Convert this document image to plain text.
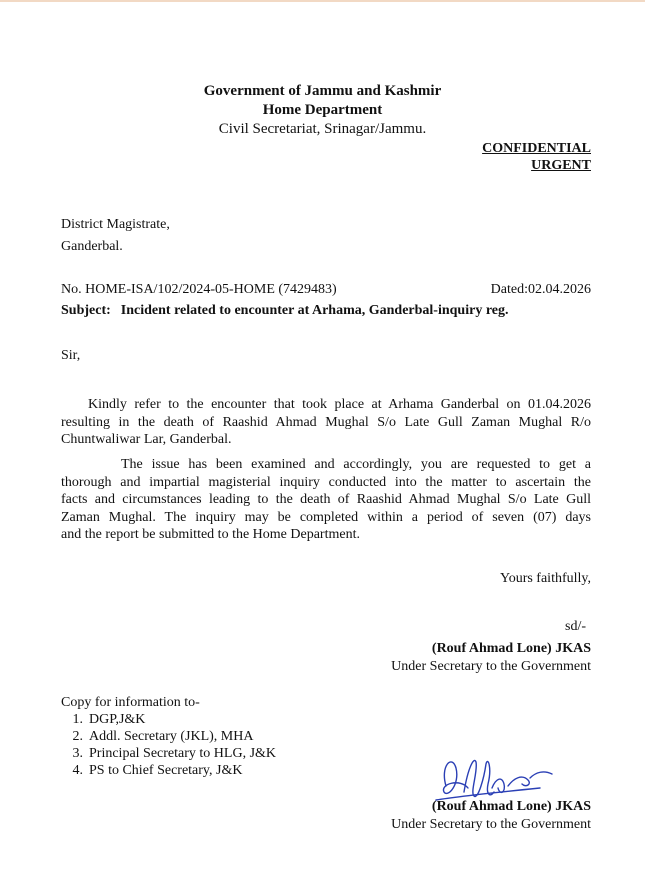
Government of Jammu and Kashmir
Home Department
Civil Secretariat, Srinagar/Jammu.
CONFIDENTIAL
URGENT
District Magistrate,
Ganderbal.
No. HOME-ISA/102/2024-05-HOME (7429483)	Dated:02.04.2026
Subject: Incident related to encounter at Arhama, Ganderbal-inquiry reg.
Sir,
Kindly refer to the encounter that took place at Arhama Ganderbal on 01.04.2026
resulting in the death of Raashid Ahmad Mughal S/o Late Gull Zaman Mughal R/o
Chuntwaliwar Lar, Ganderbal.
The issue has been examined and accordingly, you are requested to get a
thorough and impartial magisterial inquiry conducted into the matter to ascertain the
facts and circumstances leading to the death of Raashid Ahmad Mughal S/o Late Gull
Zaman Mughal. The inquiry may be completed within a period of seven (07) days
and the report be submitted to the Home Department.
Yours faithfully,
sd/-
(Rouf Ahmad Lone) JKAS
Under Secretary to the Government
Copy for information to-
1. DGP,J&K
2. Addl. Secretary (JKL), MHA
3. Principal Secretary to HLG, J&K
4. PS to Chief Secretary, J&K
(Rouf Ahmad Lone) JKAS
Under Secretary to the Government
